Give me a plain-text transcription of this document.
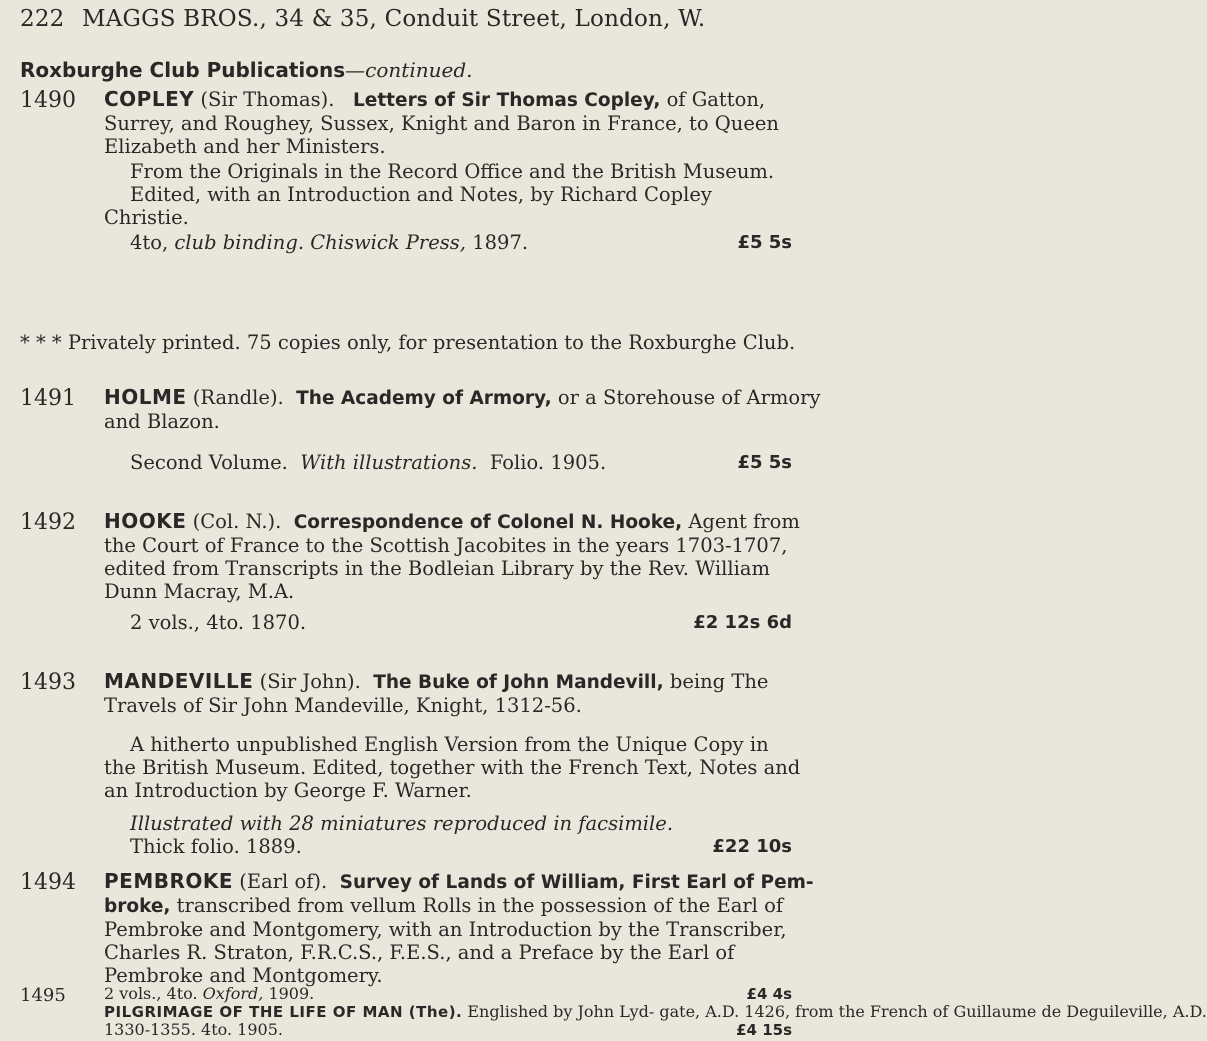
222 MAGGS BROS., 34 & 35, Conduit Street, London, W.
Roxburghe Club Publications—continued.
1490 COPLEY (Sir Thomas). Letters of Sir Thomas Copley, of Gatton,
Surrey, and Roughey, Sussex, Knight and Baron in France, to Queen
Elizabeth and her Ministers.
From the Originals in the Record Office and the British Museum.
Edited, with an Introduction and Notes, by Richard Copley
Christie.
4to, club binding. Chiswick Press, 1897.	£5 5s
* * * Privately printed. 75 copies only, for presentation to the Roxburghe Club.
1491 HOLME (Randle). The Academy of Armory, or a Storehouse of Armory
and Blazon.
Second Volume. With illustrations. Folio. 1905.	£5 5s
1492 HOOKE (Col. N.). Correspondence of Colonel N. Hooke, Agent from
the Court of France to the Scottish Jacobites in the years 1703-1707,
edited from Transcripts in the Bodleian Library by the Rev. William
Dunn Macray, M.A.
2 vols., 4to. 1870.	£2 12s 6d
1493 MANDEVILLE (Sir John). The Buke of John Mandevill, being The
Travels of Sir John Mandeville, Knight, 1312-56.
A hitherto unpublished English Version from the Unique Copy in
the British Museum. Edited, together with the French Text, Notes and
an Introduction by George F. Warner.
Illustrated with 28 miniatures reproduced in facsimile.
Thick folio. 1889.	£22 10s
1494 PEMBROKE (Earl of). Survey of Lands of William, First Earl of Pem-
broke, transcribed from vellum Rolls in the possession of the Earl of
Pembroke and Montgomery, with an Introduction by the Transcriber,
Charles R. Straton, F.R.C.S., F.E.S., and a Preface by the Earl of
Pembroke and Montgomery.
1495 2 vols., 4to. Oxford, 1909.	£4 4s
PILGRIMAGE OF THE LIFE OF MAN (The). Englished by John Lyd- gate, A.D. 1426, from the French of Guillaume de Deguileville, A.D.
1330-1355. 4to. 1905.	£4 15s
